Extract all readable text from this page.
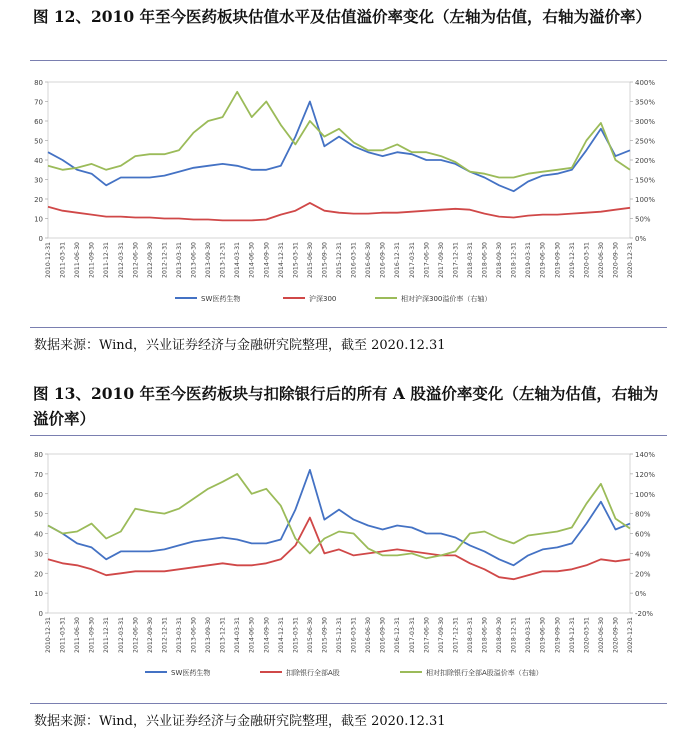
图 12、2010 年至今医药板块估值水平及估值溢价率变化（左轴为估值，右轴为溢价率）
0
10
20
30
40
50
60
70
80
0%
50%
100%
150%
200%
250%
300%
350%
400%
2010-12-31 2011-03-31 2011-06-30 2011-09-30 2011-12-31 2012-03-31 2012-06-30 2012-09-30 2012-12-31 2013-03-31 2013-06-30 2013-09-30 2013-12-31 2014-03-31 2014-06-30 2014-09-30 2014-12-31 2015-03-31 2015-06-30 2015-09-30 2015-12-31 2016-03-31 2016-06-30 2016-09-30 2016-12-31 2017-03-31 2017-06-30 2017-09-30 2017-12-31 2018-03-31 2018-06-30 2018-09-30 2018-12-31 2019-03-31 2019-06-30 2019-09-30 2019-12-31 2020-03-31 2020-06-30 2020-09-30 2020-12-31
SW医药生物	沪深300	相对沪深300溢价率（右轴）
数据来源：Wind，兴业证券经济与金融研究院整理，截至 2020.12.31
图 13、2010 年至今医药板块与扣除银行后的所有 A 股溢价率变化（左轴为估值，右轴为溢价率）
0
10
20
30
40
50
60
70
80
-20%
0%
20%
40%
60%
80%
100%
120%
140%
2010-12-31 2011-03-31 2011-06-30 2011-09-30 2011-12-31 2012-03-31 2012-06-30 2012-09-30 2012-12-31 2013-03-31 2013-06-30 2013-09-30 2013-12-31 2014-03-31 2014-06-30 2014-09-30 2014-12-31 2015-03-31 2015-06-30 2015-09-30 2015-12-31 2016-03-31 2016-06-30 2016-09-30 2016-12-31 2017-03-31 2017-06-30 2017-09-30 2017-12-31 2018-03-31 2018-06-30 2018-09-30 2018-12-31 2019-03-31 2019-06-30 2019-09-30 2019-12-31 2020-03-31 2020-06-30 2020-09-30 2020-12-31
SW医药生物	扣除银行全部A股	相对扣除银行全部A股溢价率（右轴）
数据来源：Wind，兴业证券经济与金融研究院整理，截至 2020.12.31
